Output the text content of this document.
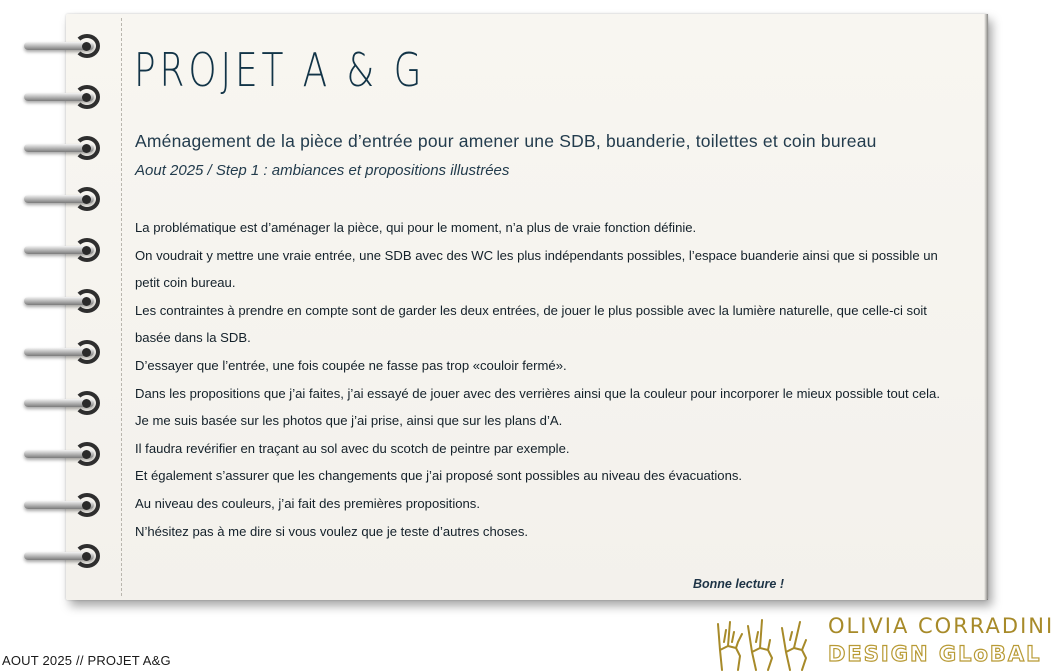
PROJET A & G

Aménagement de la pièce d’entrée pour amener une SDB, buanderie, toilettes et coin bureau

Aout 2025 / Step 1 : ambiances et propositions illustrées

La problématique est d’aménager la pièce, qui pour le moment, n’a plus de vraie fonction définie.

On voudrait y mettre une vraie entrée, une SDB avec des WC les plus indépendants possibles, l’espace buanderie ainsi que si possible un petit coin bureau.

Les contraintes à prendre en compte sont de garder les deux entrées, de jouer le plus possible avec la lumière naturelle, que celle-ci soit basée dans la SDB.

D’essayer que l’entrée, une fois coupée ne fasse pas trop «couloir fermé».

Dans les propositions que j’ai faites, j’ai essayé de jouer avec des verrières ainsi que la couleur pour incorporer le mieux possible tout cela.

Je me suis basée sur les photos que j’ai prise, ainsi que sur les plans d’A.

Il faudra revérifier en traçant au sol avec du scotch de peintre par exemple.

Et également s’assurer que les changements que j’ai proposé sont possibles au niveau des évacuations.

Au niveau des couleurs, j’ai fait des premières propositions.

N’hésitez pas à me dire si vous voulez que je teste d’autres choses.

Bonne lecture !

AOUT 2025 // PROJET A&G

OLIVIA CORRADINI

DESIGN GLoBAL
